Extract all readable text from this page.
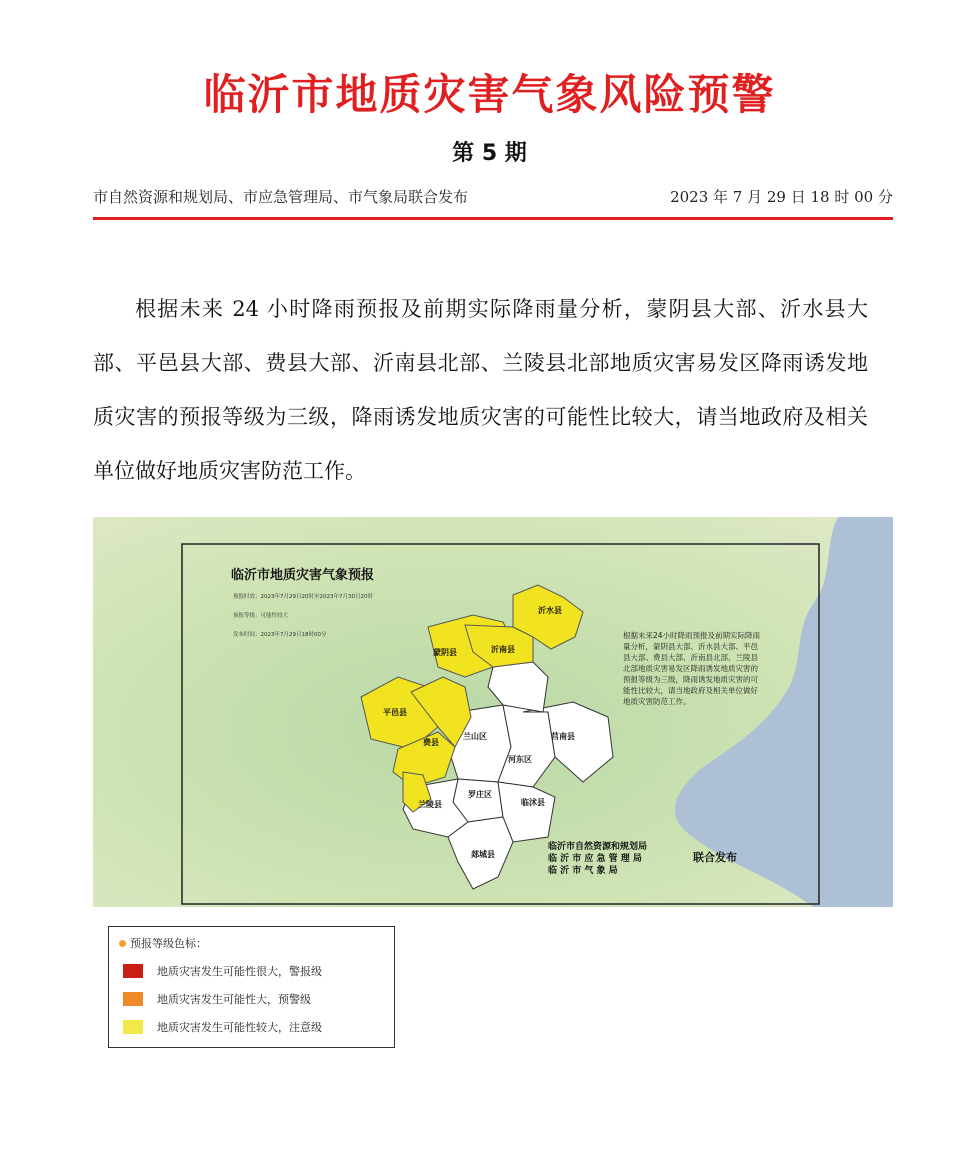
临沂市地质灾害气象风险预警
第 5 期
市自然资源和规划局、市应急管理局、市气象局联合发布	2023 年 7 月 29 日 18 时 00 分
根据未来 24 小时降雨预报及前期实际降雨量分析，蒙阴县大部、沂水县大部、平邑县大部、费县大部、沂南县北部、兰陵县北部地质灾害易发区降雨诱发地质灾害的预报等级为三级，降雨诱发地质灾害的可能性比较大，请当地政府及相关单位做好地质灾害防范工作。
沂水县
蒙阴县	沂南县
平邑县
费县
兰山区
河东区
莒南县
罗庄区
临沭县
兰陵县
郯城县
临沂市地质灾害气象预报
预报时效：2023年7月29日20时至2023年7月30日20时
预报等级：可能性较大
发布时间：2023年7月29日18时00分	根据未来24小时降雨预报及前期实际降雨量分析，蒙阴县大部、沂水县大部、平邑县大部、费县大部、沂南县北部、兰陵县北部地质灾害易发区降雨诱发地质灾害的预报等级为三级，降雨诱发地质灾害的可能性比较大，请当地政府及相关单位做好地质灾害防范工作。
临沂市自然资源和规划局
临 沂 市 应 急 管 理 局
临 沂 市 气 象 局
联合发布
预报等级色标：
地质灾害发生可能性很大，警报级
地质灾害发生可能性大，预警级
地质灾害发生可能性较大，注意级
